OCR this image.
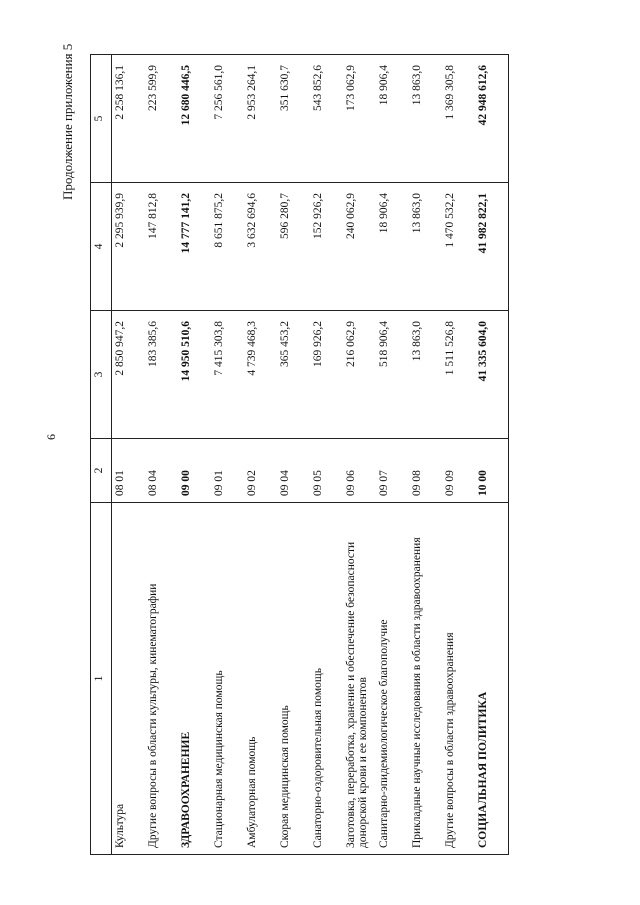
6
Продолжение приложения 5
1	2	3	4	5
Культура	08 01	2 850 947,2	2 295 939,9	2 258 136,1
Другие вопросы в области культуры, кинематографии	08 04	183 385,6	147 812,8	223 599,9
ЗДРАВООХРАНЕНИЕ	09 00	14 950 510,6	14 777 141,2	12 680 446,5
Стационарная медицинская помощь	09 01	7 415 303,8	8 651 875,2	7 256 561,0
Амбулаторная помощь	09 02	4 739 468,3	3 632 694,6	2 953 264,1
Скорая медицинская помощь	09 04	365 453,2	596 280,7	351 630,7
Санаторно-оздоровительная помощь	09 05	169 926,2	152 926,2	543 852,6
Заготовка, переработка, хранение и обеспечение безопасности донорской крови и ее компонентов	09 06	216 062,9	240 062,9	173 062,9
Санитарно-эпидемиологическое благополучие	09 07	518 906,4	18 906,4	18 906,4
Прикладные научные исследования в области здравоохранения	09 08	13 863,0	13 863,0	13 863,0
Другие вопросы в области здравоохранения	09 09	1 511 526,8	1 470 532,2	1 369 305,8
СОЦИАЛЬНАЯ ПОЛИТИКА	10 00	41 335 604,0	41 982 822,1	42 948 612,6
